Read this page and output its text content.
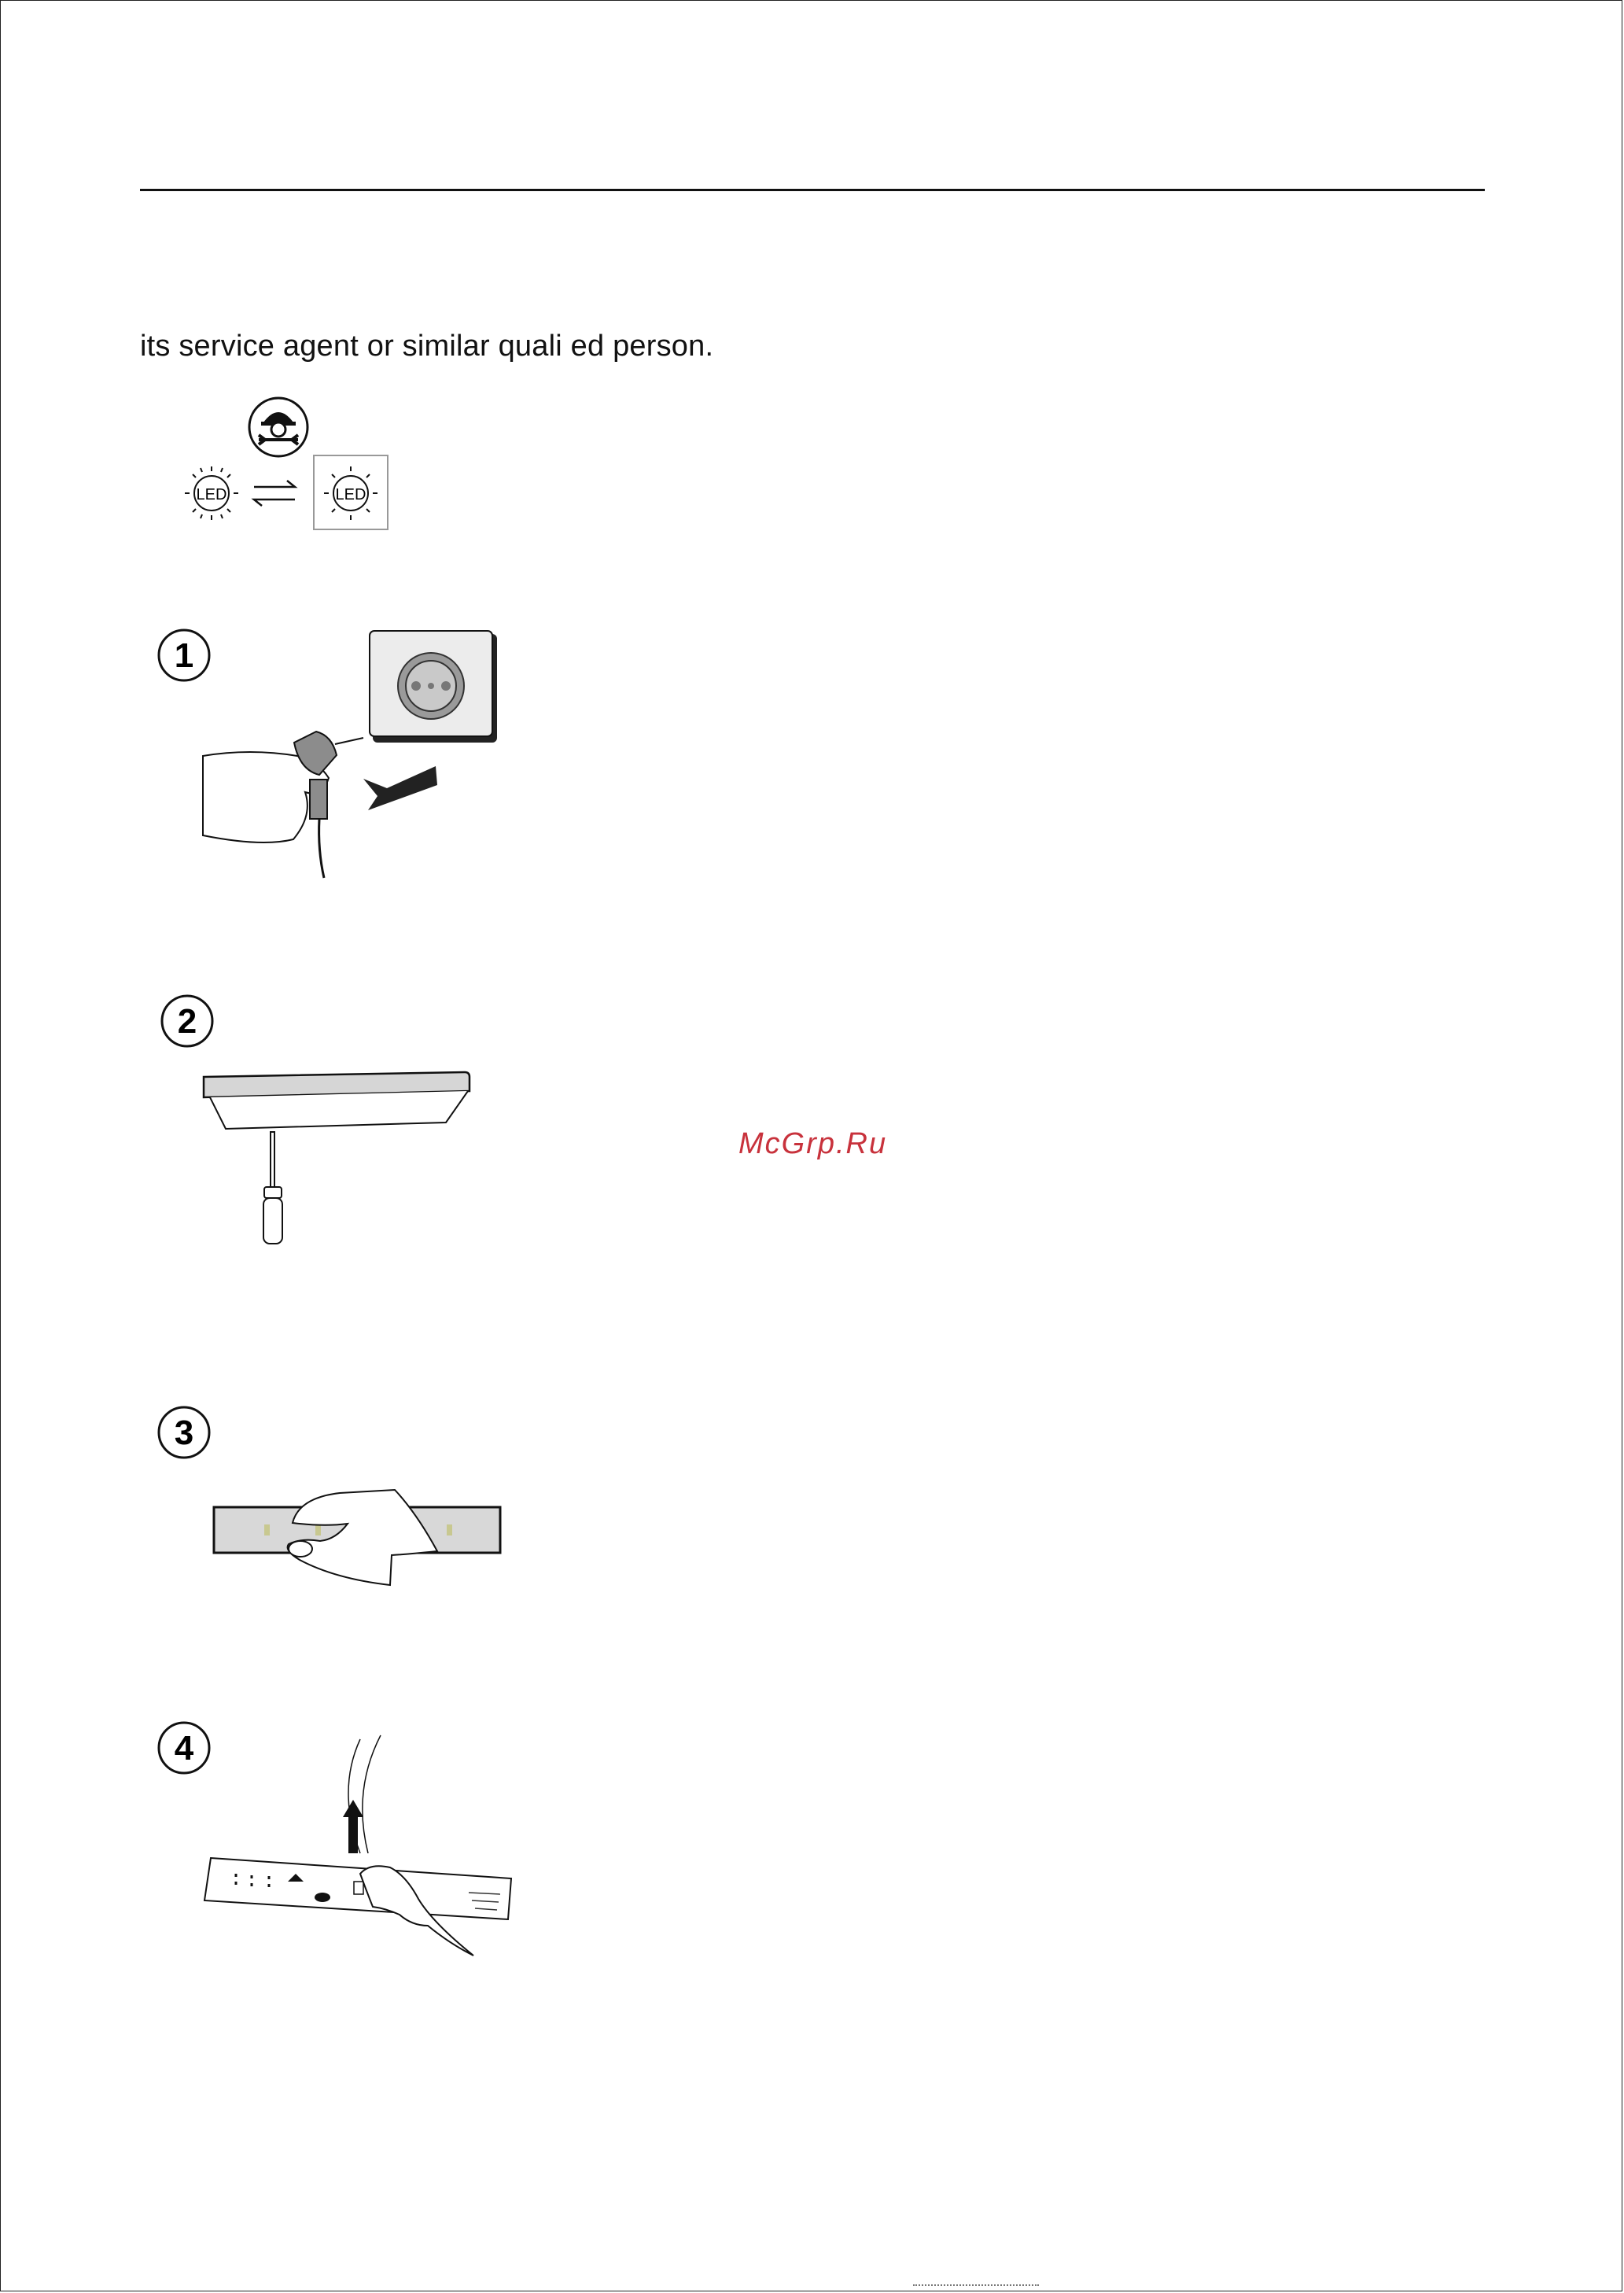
its service agent or similar quali ed person.
LED	LED
1
2
3
4
McGrp.Ru
